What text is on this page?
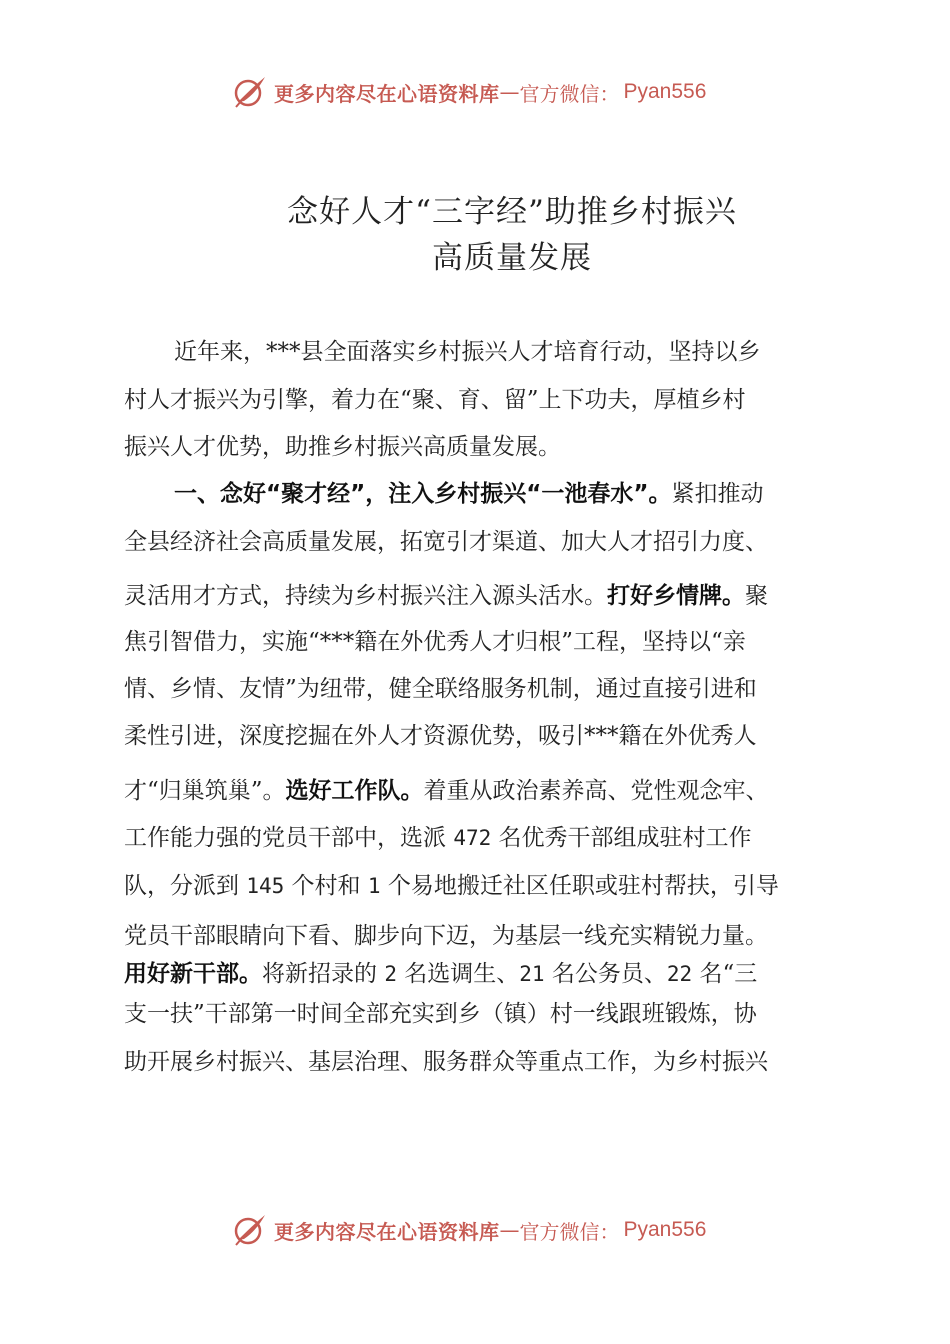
更多内容尽在心语资料库 — 官方微信： Pyan556
念好人才“三字经”助推乡村振兴
高质量发展
近年来，***县全面落实乡村振兴人才培育行动，坚持以乡
村人才振兴为引擎，着力在“聚、育、留”上下功夫，厚植乡村
振兴人才优势，助推乡村振兴高质量发展。
一、念好“聚才经”，注入乡村振兴“一池春水”。紧扣推动
全县经济社会高质量发展，拓宽引才渠道、加大人才招引力度、
灵活用才方式，持续为乡村振兴注入源头活水。打好乡情牌。聚
焦引智借力，实施“***籍在外优秀人才归根”工程，坚持以“亲
情、乡情、友情”为纽带，健全联络服务机制，通过直接引进和
柔性引进，深度挖掘在外人才资源优势，吸引***籍在外优秀人
才“归巢筑巢”。选好工作队。着重从政治素养高、党性观念牢、
工作能力强的党员干部中，选派 472 名优秀干部组成驻村工作
队，分派到 145 个村和 1 个易地搬迁社区任职或驻村帮扶，引导
党员干部眼睛向下看、脚步向下迈，为基层一线充实精锐力量。
用好新干部。将新招录的 2 名选调生、21 名公务员、22 名“三
支一扶”干部第一时间全部充实到乡（镇）村一线跟班锻炼，协
助开展乡村振兴、基层治理、服务群众等重点工作，为乡村振兴
更多内容尽在心语资料库 — 官方微信： Pyan556
